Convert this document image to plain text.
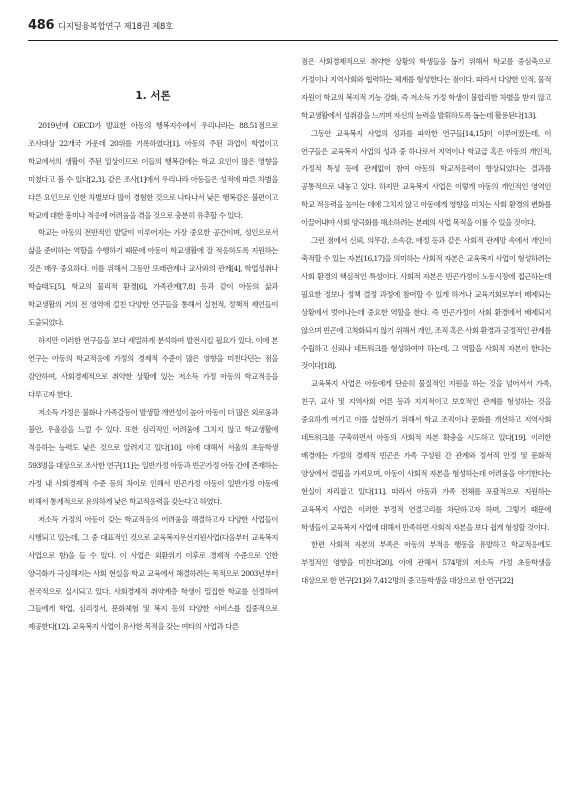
486 디지털융복합연구 제18권 제8호
1. 서론

2019년에 OECD가 발표한 아동의 행복지수에서 우리나라는 88.51점으로 조사대상 22개국 가운데 20위를 기록하였다[1]. 아동의 주된 과업이 학업이고 학교에서의 생활이 주된 일상이므로 이들의 행복감에는 학교 요인이 많은 영향을 미쳤다고 볼 수 있다[2,3]. 같은 조사[1]에서 우리나라 아동들은 성적에 따른 차별을 다른 요인으로 인한 차별보다 많이 경험한 것으로 나타나서 낮은 행복감은 불편이고 학교에 대한 흥미나 적응에 어려움을 겪을 것으로 충분히 유추할 수 있다.

학교는 아동의 전반적인 발달이 이루어지는 가장 중요한 공간이며, 성인으로서 삶을 준비하는 역할을 수행하기 때문에 아동이 학교생활에 잘 적응하도록 지원하는 것은 매우 중요하다. 이를 위해서 그동안 또래관계나 교사와의 관계[4], 학업성취나 학습태도[5], 학교의 물리적 환경[6], 가족관계[7,8] 등과 같이 아동의 삶과 학교생활의 거의 전 영역에 걸친 다양한 연구들을 통해서 실천적, 정책적 제언들이 도출되었다.

하지만 이러한 연구들을 보다 세밀하게 분석하여 발전시킬 필요가 있다. 이에 본 연구는 아동의 학교적응에 가정의 경제적 수준이 많은 영향을 미친다던는 점을 감안하여, 사회경제적으로 취약한 상황에 있는 저소득 가정 아동의 학교적응을 다루고자 한다.

저소득 가정은 불화나 가족갈등이 발생할 개연성이 높아 아동이 더 많은 외로움과 불안, 우울감을 느낄 수 있다. 또한 심리적인 어려움에 그치지 않고 학교생활에 적응하는 능력도 낮은 것으로 알려지고 있다[10]. 이에 대해서 서울의 초등학생 593명을 대상으로 조사한 연구[11]는 일반가정 아동과 빈곤가정 아동 간에 존재하는 가정 내 사회경제적 수준 등의 차이로 인해서 빈곤가정 아동이 일반가정 아동에 비해서 통계적으로 유의하게 낮은 학교적응력을 갖는다고 하였다.

저소득 가정의 아동이 갖는 학교적응의 어려움을 해결하고자 다양한 사업들이 시행되고 있는데, 그 중 대표적인 것으로 교육복지우선지원사업(다음부터 교육복지 사업으로 함)을 들 수 있다. 이 사업은 외환위기 이후로 경제적 수준으로 인한 양극화가 극심해지는 사회 현실을 학교 교육에서 해결하려는 목적으로 2003년부터 전국적으로 실시되고 있다. 사회경제적 취약계층 학생이 밀집한 학교를 선정하여 그들에게 학업, 심리정서, 문화체험 및 복지 등의 다양한 서비스를 집중적으로 제공한다[12]. 교육복지 사업이 유사한 목적을 갖는 여타의 사업과 다른

점은 사회경제적으로 취약한 상황의 학생들을 돕기 위해서 학교를 중심축으로 가정이나 지역사회와 협력하는 체계를 형성한다는 점이다. 따라서 다양한 인적, 물적 자원이 학교의 복지적 기능 강화, 즉 저소득 가정 학생이 불합리한 차별을 받지 않고 학교생활에서 성취감을 느끼며 자신의 능력을 발휘하도록 돕는데 활용된다[13].

그동안 교육복지 사업의 성과를 파악한 연구들[14,15]이 이루어졌는데, 이 연구들은 교육복지 사업의 성과 중 하나로서 지역이나 학교급 혹은 아동의 개인적, 가정적 특성 등에 관계없이 참여 아동의 학교적응력이 향상되었다는 결과를 공통적으로 내놓고 있다. 하지만 교육복지 사업은 이렇게 아동의 개인적인 영역인 학교 적응력을 높이는 데에 그치지 않고 아동에게 영향을 미치는 사회 환경의 변화를 이끌어내야 사회 양극화를 해소하려는 본래의 사업 목적을 이룰 수 있을 것이다.

그런 점에서 신뢰, 의무감, 소속감, 애정 등과 같은 사회적 관계망 속에서 개인이 축적할 수 있는 자본[16,17]을 의미하는 사회적 자본은 교육복지 사업이 형성하려는 사회 환경의 핵심적인 특성이다. 사회적 자본은 빈곤가정이 노동시장에 접근하는데 필요한 정보나 정책 결정 과정에 참여할 수 있게 하거나 교육기회로부터 배제되는 상황에서 벗어나는데 중요한 역할을 한다. 즉 빈곤가정이 사회 환경에서 배제되지 않으며 빈곤에 고착화되지 않기 위해서 개인, 조직 혹은 사회 환경과 긍정적인 관계를 수립하고 신뢰나 네트워크를 형성하여야 하는데, 그 역할을 사회적 자본이 한다는 것이다[18].

교육복지 사업은 아동에게 단순히 물질적인 지원을 하는 것을 넘어서서 가족, 친구, 교사 및 지역사회 어른 등과 지지적이고 보호적인 관계를 형성하는 것을 중요하게 여기고 이를 실현하기 위해서 학교 조직이나 문화를 개선하고 지역사회 네트워크를 구축하면서 아동의 사회적 자본 확충을 시도하고 있다[19]. 이러한 배경에는 가정의 경제적 빈곤은 가족 구성원 간 관계와 정서적 안정 및 문화적 양상에서 결핍을 가져오며, 아동이 사회적 자본을 형성하는데 어려움을 야기한다는 현실이 자리잡고 있다[11]. 따라서 아동과 가족 전체를 포괄적으로 지원하는 교육복지 사업은 이러한 부정적 연결고리를 차단하고자 하며, 그렇기 때문에 학생들이 교육복지 사업에 대해서 만족하면 사회적 자본을 보다 쉽게 형성할 것이다.

한편 사회적 자본의 부족은 아동의 부적응 행동을 유발하고 학교적응에도 부정적인 영향을 미친다[20]. 이에 관해서 574명의 저소득 가정 초등학생을 대상으로 한 연구[21]와 7,412명의 중고등학생을 대상으로 한 연구[22]
